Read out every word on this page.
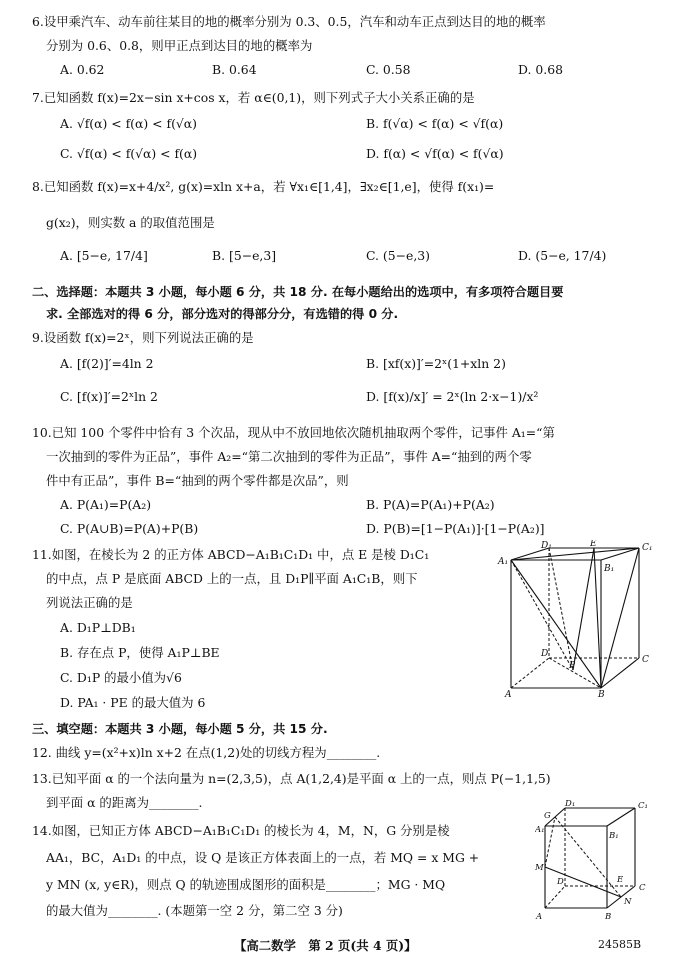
6.设甲乘汽车、动车前往某目的地的概率分别为 0.3、0.5，汽车和动车正点到达目的地的概率
分别为 0.6、0.8，则甲正点到达目的地的概率为
7.已知函数 f(x)=2x−sin x+cos x，若 α∈(0,1)，则下列式子大小关系正确的是
8.已知函数 f(x)=x+4/x², g(x)=xln x+a，若 ∀x₁∈[1,4]，∃x₂∈[1,e]，使得 f(x₁)=
g(x₂)，则实数 a 的取值范围是
二、选择题：本题共 3 小题，每小题 6 分，共 18 分. 在每小题给出的选项中，有多项符合题目要
求. 全部选对的得 6 分，部分选对的得部分分，有选错的得 0 分.
9.设函数 f(x)=2ˣ，则下列说法正确的是
10.已知 100 个零件中恰有 3 个次品，现从中不放回地依次随机抽取两个零件，记事件 A₁=“第
一次抽到的零件为正品”，事件 A₂=“第二次抽到的零件为正品”，事件 A=“抽到的两个零
件中有正品”，事件 B=“抽到的两个零件都是次品”，则
11.如图，在棱长为 2 的正方体 ABCD−A₁B₁C₁D₁ 中，点 E 是棱 D₁C₁
的中点，点 P 是底面 ABCD 上的一点，且 D₁P∥平面 A₁C₁B，则下
列说法正确的是
A. D₁P⊥DB₁
B. 存在点 P，使得 A₁P⊥BE
C. D₁P 的最小值为√6
D. PA₁ · PE 的最大值为 6
三、填空题：本题共 3 小题，每小题 5 分，共 15 分.
12. 曲线 y=(x²+x)ln x+2 在点(1,2)处的切线方程为________.
13.已知平面 α 的一个法向量为 n=(2,3,5)，点 A(1,2,4)是平面 α 上的一点，则点 P(−1,1,5)
到平面 α 的距离为________.
14.如图，已知正方体 ABCD−A₁B₁C₁D₁ 的棱长为 4，M，N，G 分别是棱
AA₁，BC，A₁D₁ 的中点，设 Q 是该正方体表面上的一点，若 MQ = x MG +
y MN (x, y∈R)，则点 Q 的轨迹围成图形的面积是________；MG · MQ
的最大值为________. (本题第一空 2 分，第二空 3 分)
A. 0.62	B. 0.64	C. 0.58	D. 0.68
A. √f(α) < f(α) < f(√α)	B. f(√α) < f(α) < √f(α)
C. √f(α) < f(√α) < f(α)	D. f(α) < √f(α) < f(√α)
A. [5−e, 17/4]	B. [5−e,3]	C. (5−e,3)	D. (5−e, 17/4)
A. [f(2)]′=4ln 2	B. [xf(x)]′=2ˣ(1+xln 2)
C. [f(x)]′=2ˣln 2	D. [f(x)/x]′ = 2ˣ(ln 2·x−1)/x²
A. P(A₁)=P(A₂)	B. P(A)=P(A₁)+P(A₂)
C. P(A∪B)=P(A)+P(B)	D. P(B)=[1−P(A₁)]·[1−P(A₂)]
D₁	E	C₁
A₁
B₁
D
P
C
A	B
D₁	C₁
G
A₁
B₁
M
D	E
C
N
A	B
【高二数学　第 2 页(共 4 页)】	24585B
